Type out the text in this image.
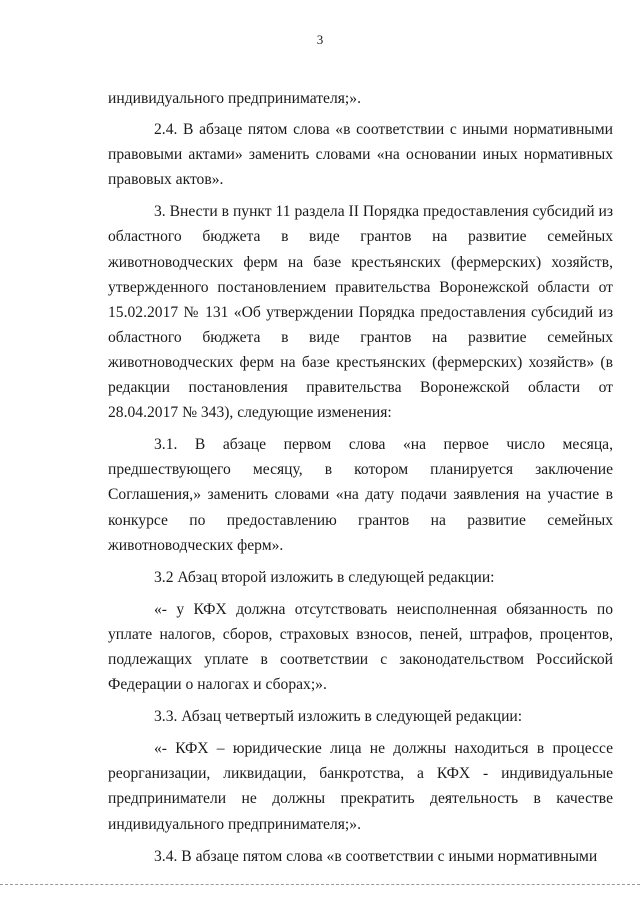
3

индивидуального предпринимателя;».

2.4. В абзаце пятом слова «в соответствии с иными нормативными правовыми актами» заменить словами «на основании иных нормативных правовых актов».

3. Внести в пункт 11 раздела II Порядка предоставления субсидий из областного бюджета в виде грантов на развитие семейных животноводческих ферм на базе крестьянских (фермерских) хозяйств, утвержденного постановлением правительства Воронежской области от 15.02.2017 № 131 «Об утверждении Порядка предоставления субсидий из областного бюджета в виде грантов на развитие семейных животноводческих ферм на базе крестьянских (фермерских) хозяйств» (в редакции постановления правительства Воронежской области от 28.04.2017 № 343), следующие изменения:

3.1. В абзаце первом слова «на первое число месяца, предшествующего месяцу, в котором планируется заключение Соглашения,» заменить словами «на дату подачи заявления на участие в конкурсе по предоставлению грантов на развитие семейных животноводческих ферм».

3.2 Абзац второй изложить в следующей редакции:

«- у КФХ должна отсутствовать неисполненная обязанность по уплате налогов, сборов, страховых взносов, пеней, штрафов, процентов, подлежащих уплате в соответствии с законодательством Российской Федерации о налогах и сборах;».

3.3. Абзац четвертый изложить в следующей редакции:

«- КФХ – юридические лица не должны находиться в процессе реорганизации, ликвидации, банкротства, а КФХ - индивидуальные предприниматели не должны прекратить деятельность в качестве индивидуального предпринимателя;».

3.4. В абзаце пятом слова «в соответствии с иными нормативными
